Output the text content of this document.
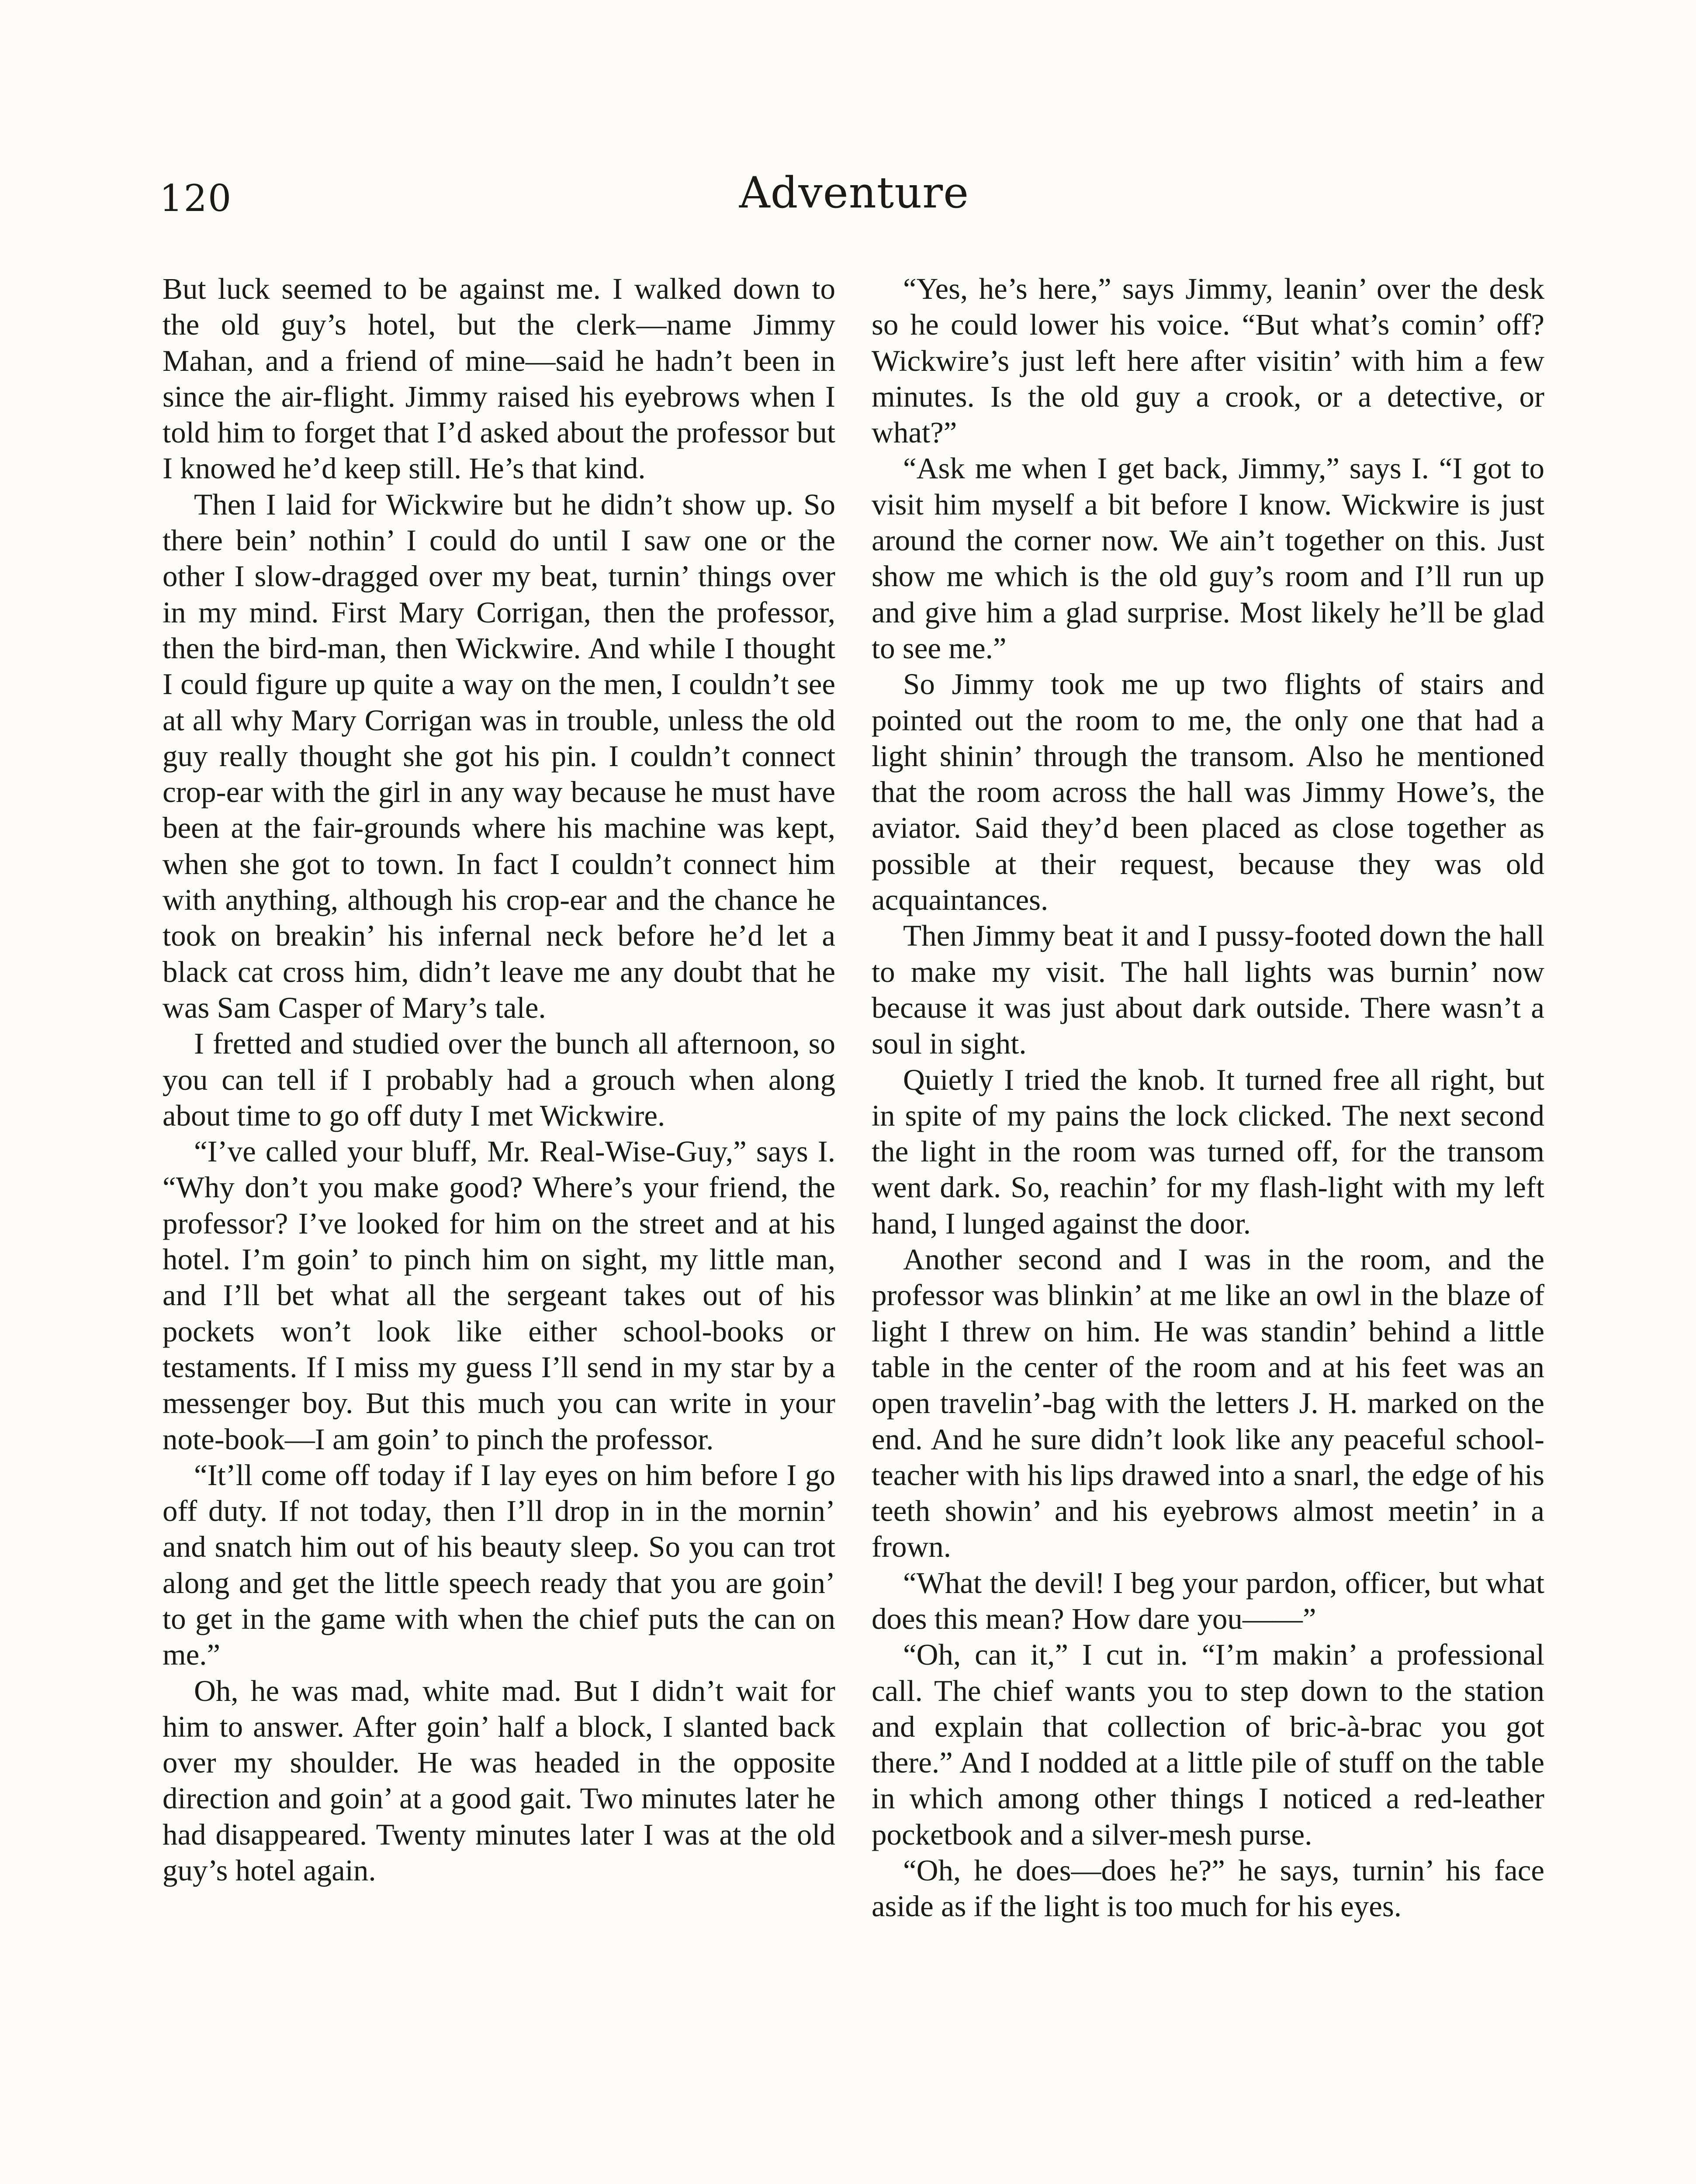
120	Adventure

But luck seemed to be against me. I walked down to the old guy’s hotel, but the clerk—name Jimmy Mahan, and a friend of mine—said he hadn’t been in since the air-flight. Jimmy raised his eyebrows when I told him to forget that I’d asked about the professor but I knowed he’d keep still. He’s that kind.

Then I laid for Wickwire but he didn’t show up. So there bein’ nothin’ I could do until I saw one or the other I slow-dragged over my beat, turnin’ things over in my mind. First Mary Corrigan, then the professor, then the bird-man, then Wickwire. And while I thought I could figure up quite a way on the men, I couldn’t see at all why Mary Corrigan was in trouble, unless the old guy really thought she got his pin. I couldn’t connect crop-ear with the girl in any way because he must have been at the fair-grounds where his machine was kept, when she got to town. In fact I couldn’t connect him with anything, although his crop-ear and the chance he took on breakin’ his infernal neck before he’d let a black cat cross him, didn’t leave me any doubt that he was Sam Casper of Mary’s tale.

I fretted and studied over the bunch all afternoon, so you can tell if I probably had a grouch when along about time to go off duty I met Wickwire.

“I’ve called your bluff, Mr. Real-Wise-Guy,” says I. “Why don’t you make good? Where’s your friend, the professor? I’ve looked for him on the street and at his hotel. I’m goin’ to pinch him on sight, my little man, and I’ll bet what all the sergeant takes out of his pockets won’t look like either school-books or testaments. If I miss my guess I’ll send in my star by a messenger boy. But this much you can write in your note-book—I am goin’ to pinch the professor.

“It’ll come off today if I lay eyes on him before I go off duty. If not today, then I’ll drop in in the mornin’ and snatch him out of his beauty sleep. So you can trot along and get the little speech ready that you are goin’ to get in the game with when the chief puts the can on me.”

Oh, he was mad, white mad. But I didn’t wait for him to answer. After goin’ half a block, I slanted back over my shoulder. He was headed in the opposite direction and goin’ at a good gait. Two minutes later he had disappeared. Twenty minutes later I was at the old guy’s hotel again.

“Yes, he’s here,” says Jimmy, leanin’ over the desk so he could lower his voice. “But what’s comin’ off? Wickwire’s just left here after visitin’ with him a few minutes. Is the old guy a crook, or a detective, or what?”

“Ask me when I get back, Jimmy,” says I. “I got to visit him myself a bit before I know. Wickwire is just around the corner now. We ain’t together on this. Just show me which is the old guy’s room and I’ll run up and give him a glad surprise. Most likely he’ll be glad to see me.”

So Jimmy took me up two flights of stairs and pointed out the room to me, the only one that had a light shinin’ through the transom. Also he mentioned that the room across the hall was Jimmy Howe’s, the aviator. Said they’d been placed as close together as possible at their request, because they was old acquaintances.

Then Jimmy beat it and I pussy-footed down the hall to make my visit. The hall lights was burnin’ now because it was just about dark outside. There wasn’t a soul in sight.

Quietly I tried the knob. It turned free all right, but in spite of my pains the lock clicked. The next second the light in the room was turned off, for the transom went dark. So, reachin’ for my flash-light with my left hand, I lunged against the door.

Another second and I was in the room, and the professor was blinkin’ at me like an owl in the blaze of light I threw on him. He was standin’ behind a little table in the center of the room and at his feet was an open travelin’-bag with the letters J. H. marked on the end. And he sure didn’t look like any peaceful school-teacher with his lips drawed into a snarl, the edge of his teeth showin’ and his eyebrows almost meetin’ in a frown.

“What the devil! I beg your pardon, officer, but what does this mean? How dare you——”

“Oh, can it,” I cut in. “I’m makin’ a professional call. The chief wants you to step down to the station and explain that collection of bric-à-brac you got there.” And I nodded at a little pile of stuff on the table in which among other things I noticed a red-leather pocketbook and a silver-mesh purse.

“Oh, he does—does he?” he says, turnin’ his face aside as if the light is too much for his eyes.
